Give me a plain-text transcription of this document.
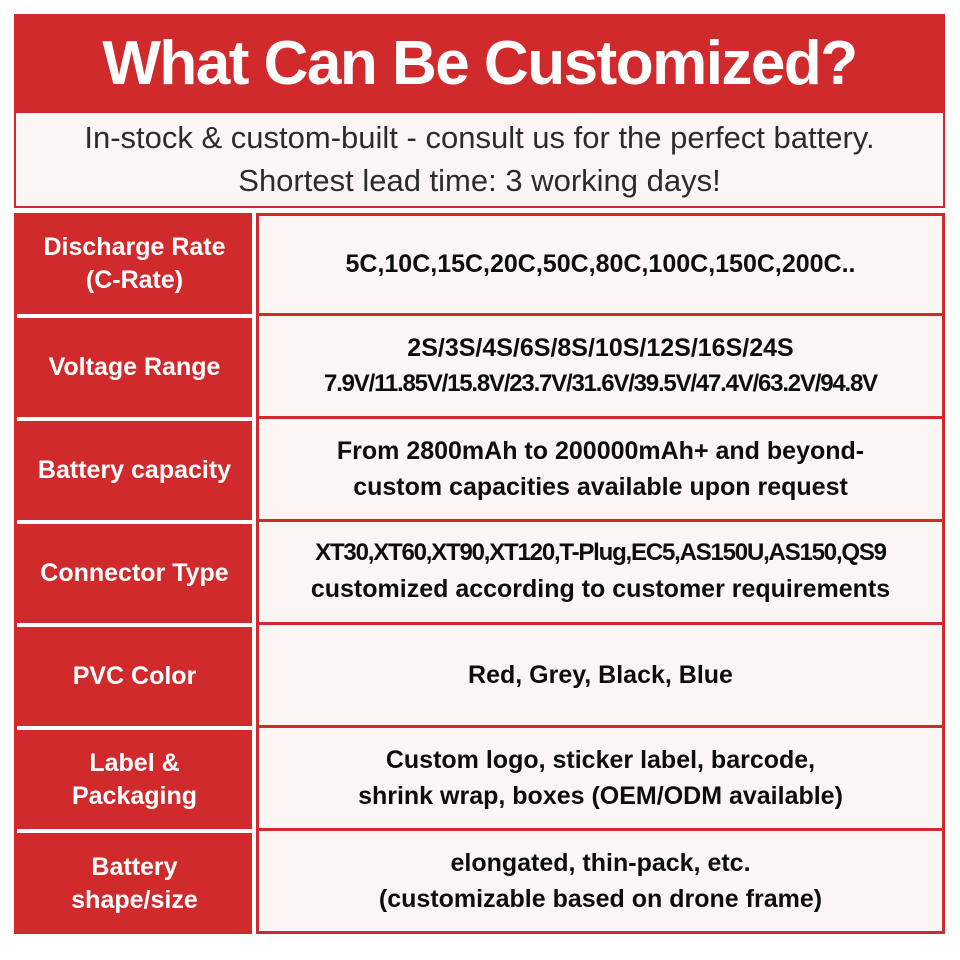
What Can Be Customized?
In-stock & custom-built - consult us for the perfect battery.
Shortest lead time: 3 working days!
Discharge Rate
(C-Rate)
5C,10C,15C,20C,50C,80C,100C,150C,200C..
Voltage Range
2S/3S/4S/6S/8S/10S/12S/16S/24S
7.9V/11.85V/15.8V/23.7V/31.6V/39.5V/47.4V/63.2V/94.8V
Battery capacity
From 2800mAh to 200000mAh+ and beyond-
custom capacities available upon request
Connector Type
XT30,XT60,XT90,XT120,T-Plug,EC5,AS150U,AS150,QS9
customized according to customer requirements
PVC Color	Red, Grey, Black, Blue
Label &
Packaging
Custom logo, sticker label, barcode,
shrink wrap, boxes (OEM/ODM available)
Battery
shape/size
elongated, thin-pack, etc.
(customizable based on drone frame)
